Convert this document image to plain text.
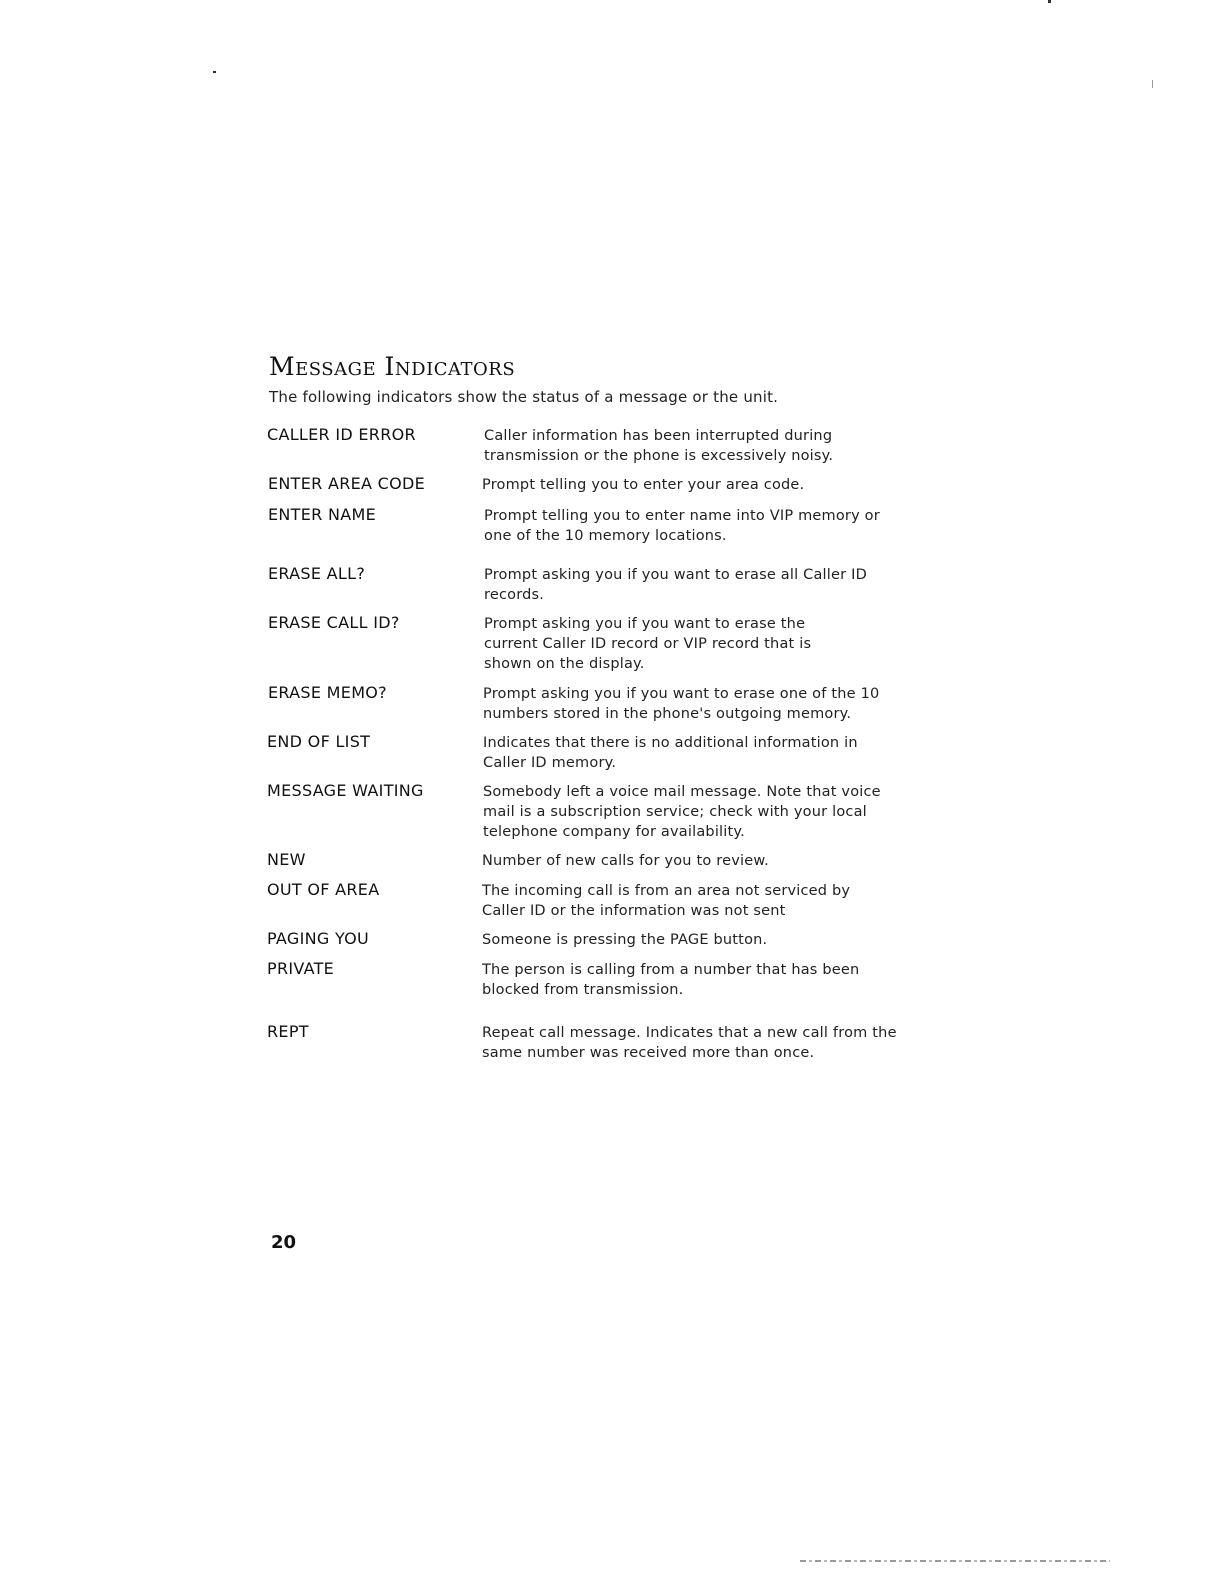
Message Indicators

The following indicators show the status of a message or the unit.

CALLER ID ERROR	Caller information has been interrupted during transmission or the phone is excessively noisy.
ENTER AREA CODE	Prompt telling you to enter your area code.
ENTER NAME	Prompt telling you to enter name into VIP memory or one of the 10 memory locations.
ERASE ALL?	Prompt asking you if you want to erase all Caller ID records.
ERASE CALL ID?	Prompt asking you if you want to erase the current Caller ID record or VIP record that is shown on the display.
ERASE MEMO?	Prompt asking you if you want to erase one of the 10 numbers stored in the phone's outgoing memory.
END OF LIST	Indicates that there is no additional information in Caller ID memory.
MESSAGE WAITING	Somebody left a voice mail message. Note that voice mail is a subscription service; check with your local telephone company for availability.
NEW	Number of new calls for you to review.
OUT OF AREA	The incoming call is from an area not serviced by Caller ID or the information was not sent
PAGING YOU	Someone is pressing the PAGE button.
PRIVATE	The person is calling from a number that has been blocked from transmission.
REPT	Repeat call message. Indicates that a new call from the same number was received more than once.
20
